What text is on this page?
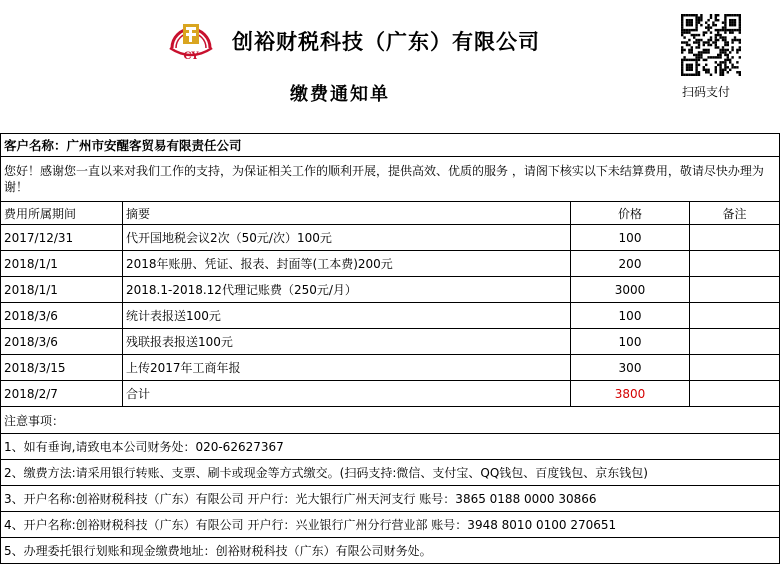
CY
创裕财税科技（广东）有限公司
缴费通知单	扫码支付
客户名称：广州市安醒客贸易有限责任公司			
您好！感谢您一直以来对我们工作的支持，为保证相关工作的顺利开展，提供高效、优质的服务 ，请阁下核实以下未结算费用，敬请尽快办理为谢！			
费用所属期间	摘要	价格	备注
2017/12/31	代开国地税会议2次（50元/次）100元	100	
2018/1/1	2018年账册、凭证、报表、封面等(工本费)200元	200	
2018/1/1	2018.1-2018.12代理记账费（250元/月）	3000	
2018/3/6	统计表报送100元	100	
2018/3/6	残联报表报送100元	100	
2018/3/15	上传2017年工商年报	300	
2018/2/7	合计	3800	
注意事项：			
1、如有垂询,请致电本公司财务处：020-62627367			
2、缴费方法:请采用银行转账、支票、刷卡或现金等方式缴交。(扫码支持:微信、支付宝、QQ钱包、百度钱包、京东钱包)			
3、开户名称:创裕财税科技（广东）有限公司 开户行：光大银行广州天河支行 账号：3865 0188 0000 30866			
4、开户名称:创裕财税科技（广东）有限公司 开户行：兴业银行广州分行营业部 账号：3948 8010 0100 270651			
5、办理委托银行划账和现金缴费地址：创裕财税科技（广东）有限公司财务处。			
